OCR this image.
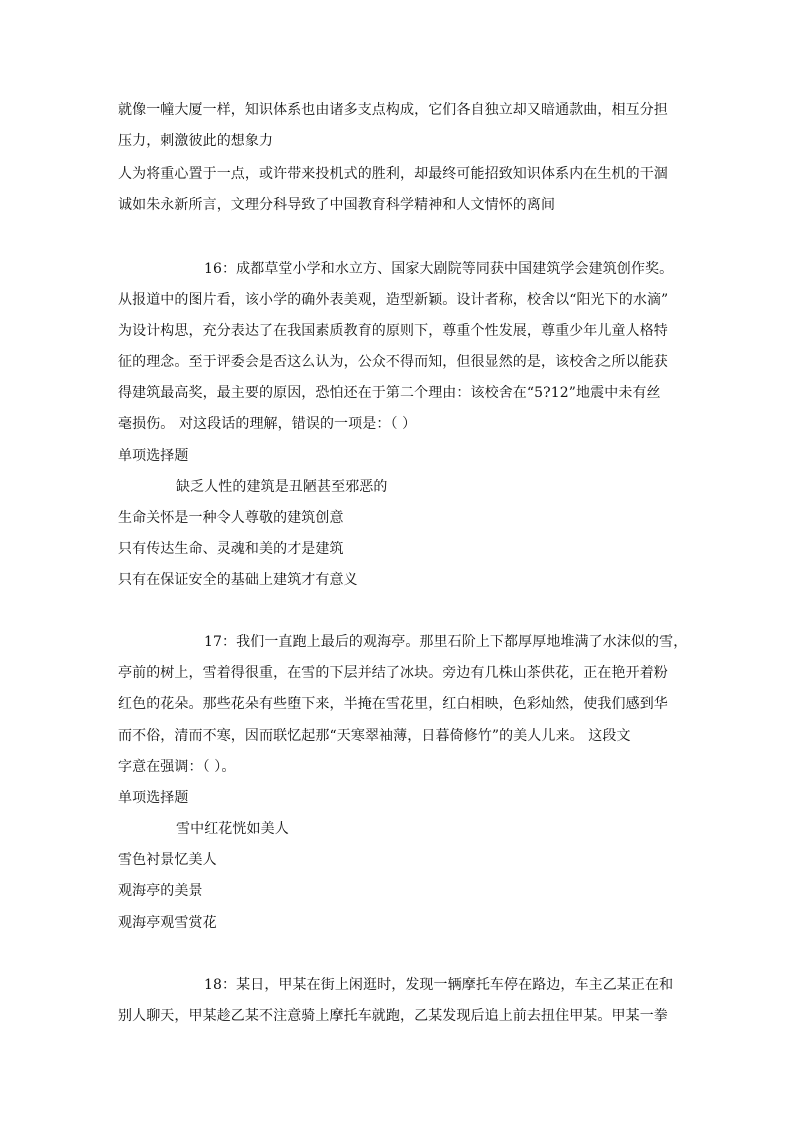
就像一幢大厦一样，知识体系也由诸多支点构成，它们各自独立却又暗通款曲，相互分担
压力，刺激彼此的想象力
人为将重心置于一点，或许带来投机式的胜利，却最终可能招致知识体系内在生机的干涸
诚如朱永新所言，文理分科导致了中国教育科学精神和人文情怀的离间
16：成都草堂小学和水立方、国家大剧院等同获中国建筑学会建筑创作奖。
从报道中的图片看，该小学的确外表美观，造型新颖。设计者称，校舍以“阳光下的水滴”
为设计构思，充分表达了在我国素质教育的原则下，尊重个性发展，尊重少年儿童人格特
征的理念。至于评委会是否这么认为，公众不得而知，但很显然的是，该校舍之所以能获
得建筑最高奖，最主要的原因，恐怕还在于第二个理由：该校舍在“5?12”地震中未有丝
毫损伤。 对这段话的理解，错误的一项是：（ ）
单项选择题
缺乏人性的建筑是丑陋甚至邪恶的
生命关怀是一种令人尊敬的建筑创意
只有传达生命、灵魂和美的才是建筑
只有在保证安全的基础上建筑才有意义
17：我们一直跑上最后的观海亭。那里石阶上下都厚厚地堆满了水沫似的雪，
亭前的树上，雪着得很重，在雪的下层并结了冰块。旁边有几株山茶供花，正在艳开着粉
红色的花朵。那些花朵有些堕下来，半掩在雪花里，红白相映，色彩灿然，使我们感到华
而不俗，清而不寒，因而联忆起那“天寒翠袖薄，日暮倚修竹”的美人儿来。 这段文
字意在强调：（ ）。
单项选择题
雪中红花恍如美人
雪色衬景忆美人
观海亭的美景
观海亭观雪赏花
18：某日，甲某在街上闲逛时，发现一辆摩托车停在路边，车主乙某正在和
别人聊天，甲某趁乙某不注意骑上摩托车就跑，乙某发现后追上前去扭住甲某。甲某一拳
